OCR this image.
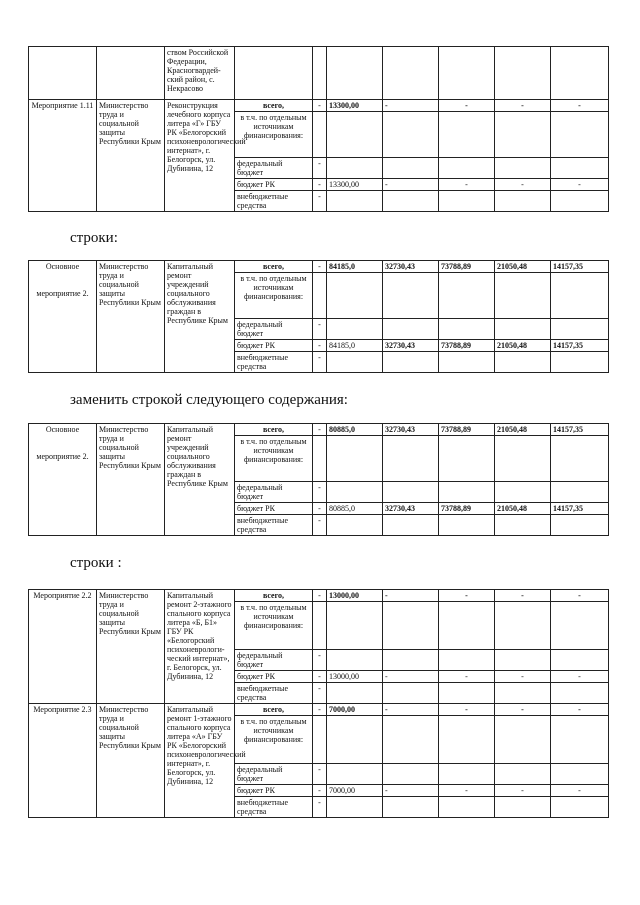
		ством Российской Федерации, Красногвардей-ский район, с. Некрасово							
Мероприятие 1.11	Министерство труда и социальной защиты Республики Крым	Реконструкция лечебного корпуса литера «Г» ГБУ РК «Белогорский психоневрологический интернат», г. Белогорск, ул. Дубинина, 12	всего,	-	13300,00	-	-	-	-
			в т.ч. по отдельным источникам финансирования:						
			федеральный бюджет	-					
			бюджет РК	-	13300,00	-	-	-	-
			внебюджетные средства	-					
строки:
Основное

мероприятие 2.	Министерство труда и социальной защиты Республики Крым	Капитальный ремонт учреждений социального обслуживания граждан в Республике Крым	всего,	-	84185,0	32730,43	73788,89	21050,48	14157,35
			в т.ч. по отдельным источникам финансирования:						
			федеральный бюджет	-					
			бюджет РК	-	84185,0	32730,43	73788,89	21050,48	14157,35
			внебюджетные средства	-					
заменить строкой следующего содержания:
Основное

мероприятие 2.	Министерство труда и социальной защиты Республики Крым	Капитальный ремонт учреждений социального обслуживания граждан в Республике Крым	всего,	-	80885,0	32730,43	73788,89	21050,48	14157,35
			в т.ч. по отдельным источникам финансирования:						
			федеральный бюджет	-					
			бюджет РК	-	80885,0	32730,43	73788,89	21050,48	14157,35
			внебюджетные средства	-					
строки :
Мероприятие 2.2	Министерство труда и социальной защиты Республики Крым	Капитальный ремонт 2-этажного спального корпуса литера «Б, Б1» ГБУ РК «Белогорский психоневрологи-ческий интернат», г. Белогорск, ул. Дубинина, 12	всего,	-	13000,00	-	-	-	-
			в т.ч. по отдельным источникам финансирования:						
			федеральный бюджет	-					
			бюджет РК	-	13000,00	-	-	-	-
			внебюджетные средства	-					
Мероприятие 2.3	Министерство труда и социальной защиты Республики Крым	Капитальный ремонт 1-этажного спального корпуса литера «А» ГБУ РК «Белогорский психоневрологический интернат», г. Белогорск, ул. Дубинина, 12	всего,	-	7000,00	-	-	-	-
			в т.ч. по отдельным источникам финансирования:						
			федеральный бюджет	-					
			бюджет РК	-	7000,00	-	-	-	-
			внебюджетные средства	-					
